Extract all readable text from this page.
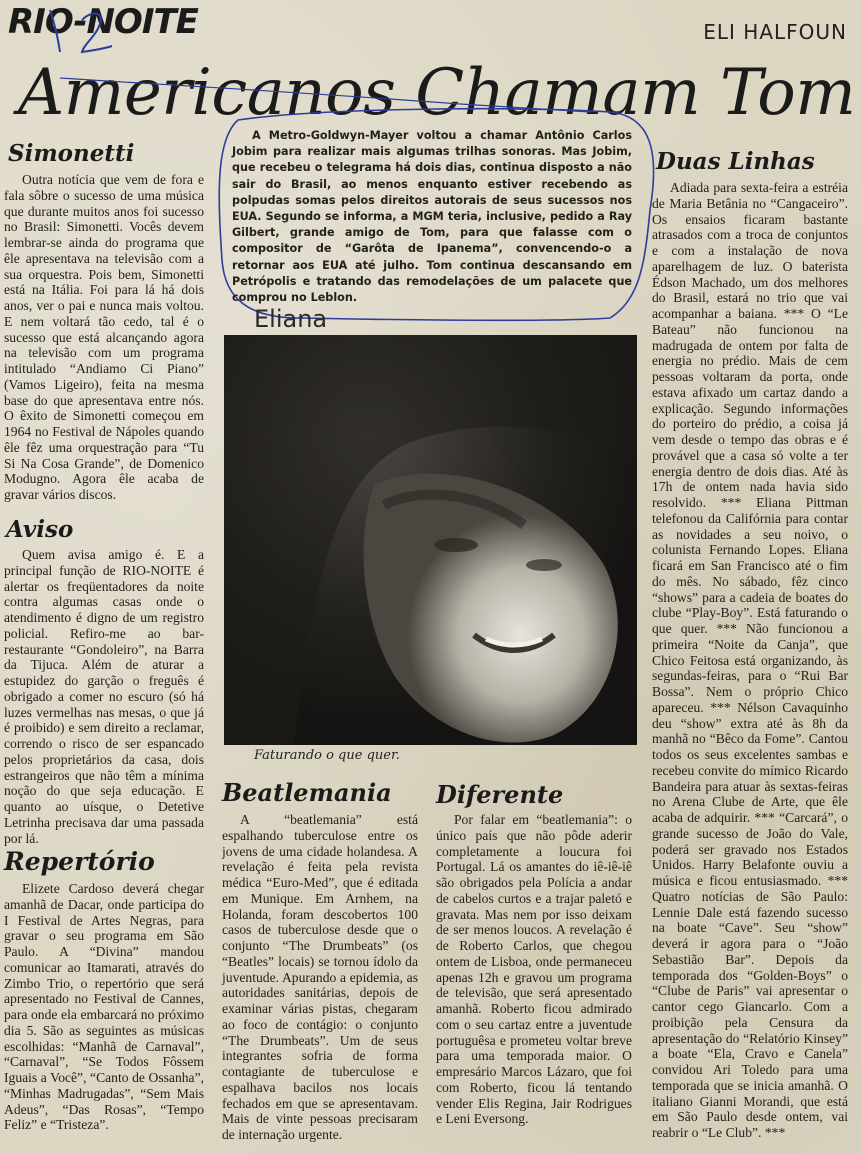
RIO-NOITE	ELI HALFOUN
Americanos Chamam Tom
Simonetti

Outra notícia que vem de fora e fala sôbre o sucesso de uma música que durante muitos anos foi sucesso no Brasil: Simonetti. Vocês devem lembrar-se ainda do programa que êle apresentava na televisão com a sua orquestra. Pois bem, Simonetti está na Itália. Foi para lá há dois anos, ver o pai e nunca mais voltou. E nem voltará tão cedo, tal é o sucesso que está alcançando agora na televisão com um programa intitulado “Andiamo Ci Piano” (Vamos Ligeiro), feita na mesma base do que apresentava entre nós. O êxito de Simonetti começou em 1964 no Festival de Nápoles quando êle fêz uma orquestração para “Tu Si Na Cosa Grande”, de Domenico Modugno. Agora êle acaba de gravar vários discos.

Aviso

Quem avisa amigo é. E a principal função de RIO-NOITE é alertar os freqüentadores da noite contra algumas casas onde o atendimento é digno de um registro policial. Refiro-me ao bar-restaurante “Gondoleiro”, na Barra da Tijuca. Além de aturar a estupidez do garção o freguês é obrigado a comer no escuro (só há luzes vermelhas nas mesas, o que já é proibido) e sem direito a reclamar, correndo o risco de ser espancado pelos proprietários da casa, dois estrangeiros que não têm a mínima noção do que seja educação. E quanto ao uísque, o Detetive Letrinha precisava dar uma passada por lá.

Repertório

Elizete Cardoso deverá chegar amanhã de Dacar, onde participa do I Festival de Artes Negras, para gravar o seu programa em São Paulo. A “Divina” mandou comunicar ao Itamarati, através do Zimbo Trio, o repertório que será apresentado no Festival de Cannes, para onde ela embarcará no próximo dia 5. São as seguintes as músicas escolhidas: “Manhã de Carnaval”, “Carnaval”, “Se Todos Fôssem Iguais a Você”, “Canto de Ossanha”, “Minhas Madrugadas”, “Sem Mais Adeus”, “Das Rosas”, “Tempo Feliz” e “Tristeza”.

A Metro-Goldwyn-Mayer voltou a chamar Antônio Carlos Jobim para realizar mais algumas trilhas sonoras. Mas Jobim, que recebeu o telegrama há dois dias, continua disposto a não sair do Brasil, ao menos enquanto estiver recebendo as polpudas somas pelos direitos autorais de seus sucessos nos EUA. Segundo se informa, a MGM teria, inclusive, pedido a Ray Gilbert, grande amigo de Tom, para que falasse com o compositor de “Garôta de Ipanema”, convencendo-o a retornar aos EUA até julho. Tom continua descansando em Petrópolis e tratando das remodelações de um palacete que comprou no Leblon.

Eliana
Faturando o que quer.
Beatlemania

A “beatlemania” está espalhando tuberculose entre os jovens de uma cidade holandesa. A revelação é feita pela revista médica “Euro-Med”, que é editada em Munique. Em Arnhem, na Holanda, foram descobertos 100 casos de tuberculose desde que o conjunto “The Drumbeats” (os “Beatles” locais) se tornou ídolo da juventude. Apurando a epidemia, as autoridades sanitárias, depois de examinar várias pistas, chegaram ao foco de contágio: o conjunto “The Drumbeats”. Um de seus integrantes sofria de forma contagiante de tuberculose e espalhava bacilos nos locais fechados em que se apresentavam. Mais de vinte pessoas precisaram de internação urgente.

Diferente

Por falar em “beatlemania”: o único país que não pôde aderir completamente a loucura foi Portugal. Lá os amantes do iê-iê-iê são obrigados pela Polícia a andar de cabelos curtos e a trajar paletó e gravata. Mas nem por isso deixam de ser menos loucos. A revelação é de Roberto Carlos, que chegou ontem de Lisboa, onde permaneceu apenas 12h e gravou um programa de televisão, que será apresentado amanhã. Roberto ficou admirado com o seu cartaz entre a juventude portuguêsa e prometeu voltar breve para uma temporada maior. O empresário Marcos Lázaro, que foi com Roberto, ficou lá tentando vender Elis Regina, Jair Rodrigues e Leni Eversong.

Duas Linhas

Adiada para sexta-feira a estréia de Maria Betânia no “Cangaceiro”. Os ensaios ficaram bastante atrasados com a troca de conjuntos e com a instalação de nova aparelhagem de luz. O baterista Édson Machado, um dos melhores do Brasil, estará no trio que vai acompanhar a baiana. *** O “Le Bateau” não funcionou na madrugada de ontem por falta de energia no prédio. Mais de cem pessoas voltaram da porta, onde estava afixado um cartaz dando a explicação. Segundo informações do porteiro do prédio, a coisa já vem desde o tempo das obras e é provável que a casa só volte a ter energia dentro de dois dias. Até às 17h de ontem nada havia sido resolvido. *** Eliana Pittman telefonou da Califórnia para contar as novidades a seu noivo, o colunista Fernando Lopes. Eliana ficará em San Francisco até o fim do mês. No sábado, fêz cinco “shows” para a cadeia de boates do clube “Play-Boy”. Está faturando o que quer. *** Não funcionou a primeira “Noite da Canja”, que Chico Feitosa está organizando, às segundas-feiras, para o “Rui Bar Bossa”. Nem o próprio Chico apareceu. *** Nélson Cavaquinho deu “show” extra até às 8h da manhã no “Bêco da Fome”. Cantou todos os seus excelentes sambas e recebeu convite do mímico Ricardo Bandeira para atuar às sextas-feiras no Arena Clube de Arte, que êle acaba de adquirir. *** “Carcará”, o grande sucesso de João do Vale, poderá ser gravado nos Estados Unidos. Harry Belafonte ouviu a música e ficou entusiasmado. *** Quatro notícias de São Paulo: Lennie Dale está fazendo sucesso na boate “Cave”. Seu “show” deverá ir agora para o “João Sebastião Bar”. Depois da temporada dos “Golden-Boys” o “Clube de Paris” vai apresentar o cantor cego Giancarlo. Com a proibição pela Censura da apresentação do “Relatório Kinsey” a boate “Ela, Cravo e Canela” convidou Ari Toledo para uma temporada que se inicia amanhã. O italiano Gianni Morandi, que está em São Paulo desde ontem, vai reabrir o “Le Club”. ***
